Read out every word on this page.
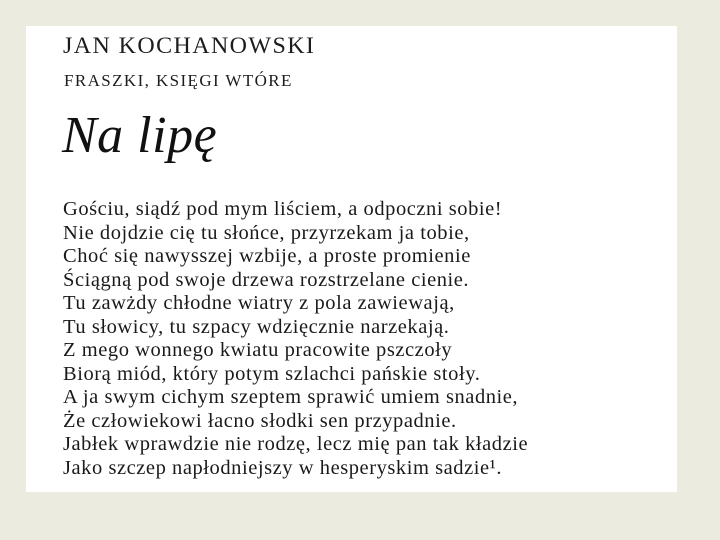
JAN KOCHANOWSKI
FRASZKI, KSIĘGI WTÓRE
Na lipę
Gościu, siądź pod mym liściem, a odpoczni sobie!
Nie dojdzie cię tu słońce, przyrzekam ja tobie,
Choć się nawysszej wzbije, a proste promienie
Ściągną pod swoje drzewa rozstrzelane cienie.
Tu zawżdy chłodne wiatry z pola zawiewają,
Tu słowicy, tu szpacy wdzięcznie narzekają.
Z mego wonnego kwiatu pracowite pszczoły
Biorą miód, który potym szlachci pańskie stoły.
A ja swym cichym szeptem sprawić umiem snadnie,
Że człowiekowi łacno słodki sen przypadnie.
Jabłek wprawdzie nie rodzę, lecz mię pan tak kładzie
Jako szczep napłodniejszy w hesperyskim sadzie¹.
